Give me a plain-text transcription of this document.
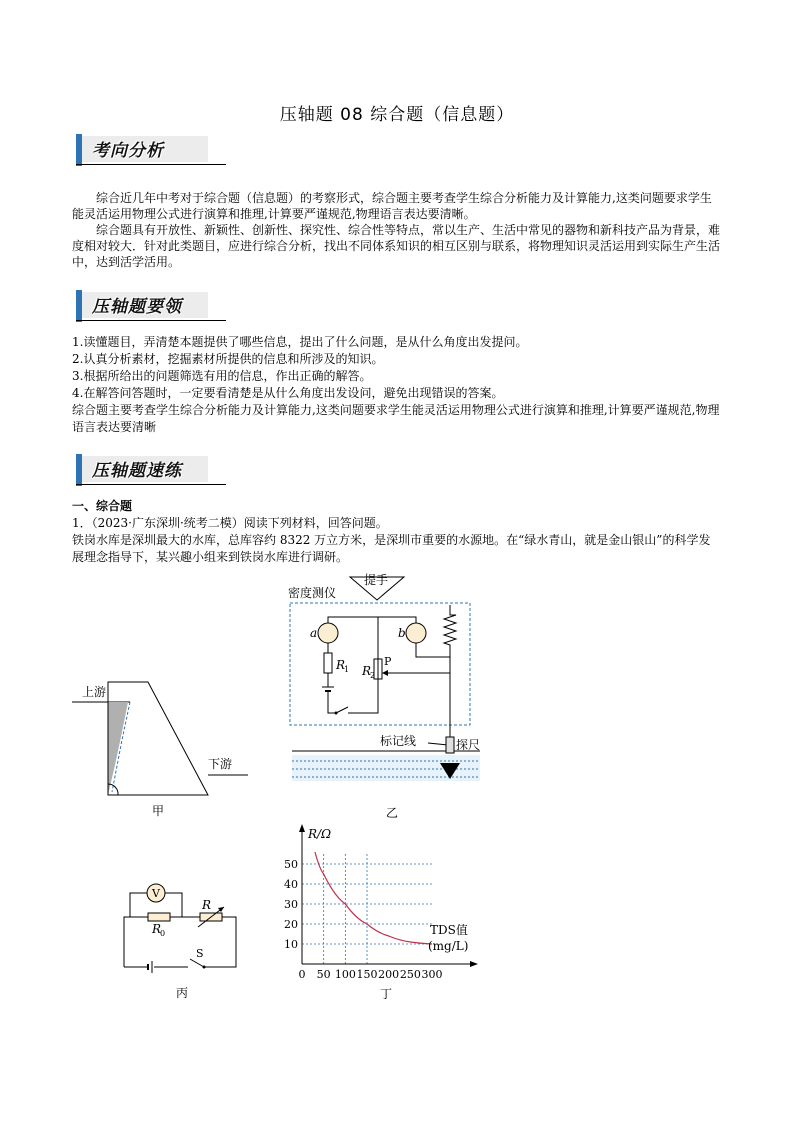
压轴题 08 综合题（信息题）
考向分析
综合近几年中考对于综合题（信息题）的考察形式，综合题主要考查学生综合分析能力及计算能力,这类问题要求学生能灵活运用物理公式进行演算和推理,计算要严谨规范,物理语言表达要清晰。
综合题具有开放性、新颖性、创新性、探究性、综合性等特点，常以生产、生活中常见的器物和新科技产品为背景，难度相对较大．针对此类题目，应进行综合分析，找出不同体系知识的相互区别与联系，将物理知识灵活运用到实际生产生活中，达到活学活用。
压轴题要领

1.读懂题目，弄清楚本题提供了哪些信息，提出了什么问题，是从什么角度出发提问。

2.认真分析素材，挖掘素材所提供的信息和所涉及的知识。

3.根据所给出的问题筛选有用的信息，作出正确的解答。

4.在解答问答题时，一定要看清楚是从什么角度出发设问，避免出现错误的答案。

综合题主要考查学生综合分析能力及计算能力,这类问题要求学生能灵活运用物理公式进行演算和推理,计算要严谨规范,物理语言表达要清晰

压轴题速练
一、综合题
1．（2023·广东深圳·统考二模）阅读下列材料，回答问题。
铁岗水库是深圳最大的水库，总库容约 8322 万立方米，是深圳市重要的水源地。在“绿水青山，就是金山银山”的科学发展理念指导下，某兴趣小组来到铁岗水库进行调研。
上游
下游
甲
提手
密度测仪
a
R
1 R
2
P
b
标记线	探尺
乙
V
R
0
R
S
丙
0 50 100 150 200 250 300
10
20
30
40
50
R/Ω
TDS值
(mg/L)
丁
